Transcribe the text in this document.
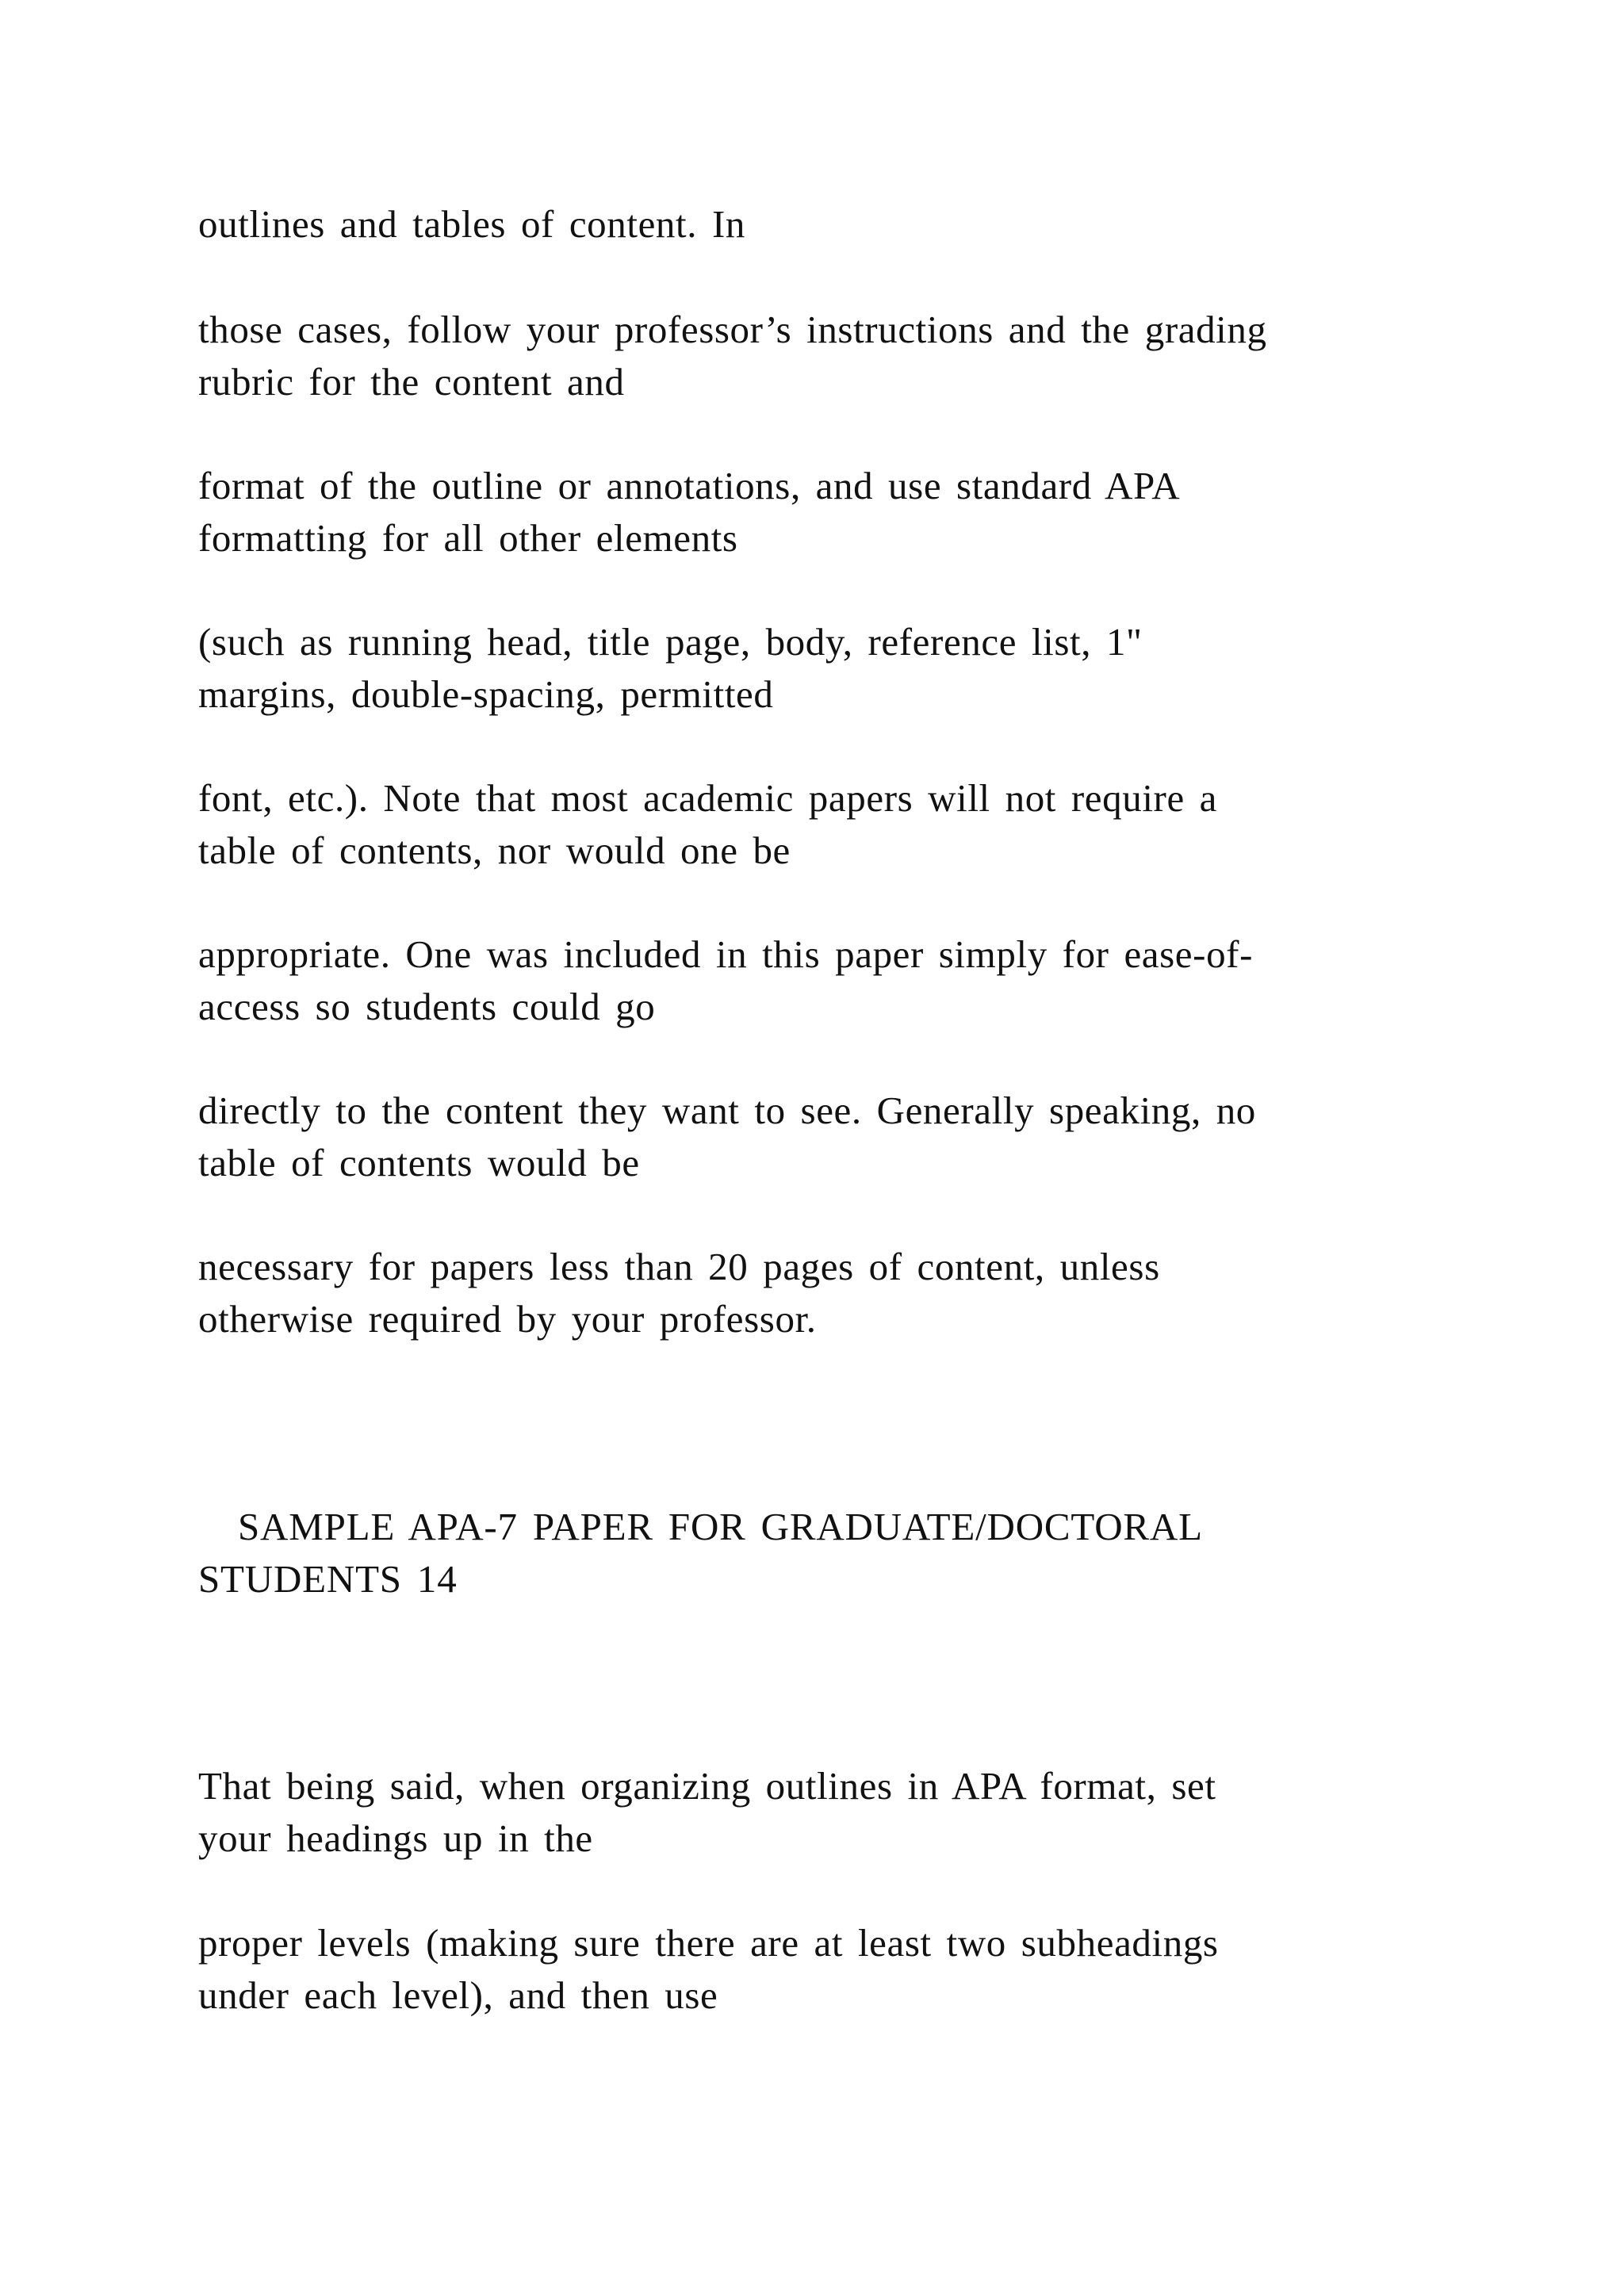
outlines and tables of content. In
those cases, follow your professor’s instructions and the grading
rubric for the content and
format of the outline or annotations, and use standard APA
formatting for all other elements
(such as running head, title page, body, reference list, 1"
margins, double-spacing, permitted
font, etc.). Note that most academic papers will not require a
table of contents, nor would one be
appropriate. One was included in this paper simply for ease-of-
access so students could go
directly to the content they want to see. Generally speaking, no
table of contents would be
necessary for papers less than 20 pages of content, unless
otherwise required by your professor.
SAMPLE APA-7 PAPER FOR GRADUATE/DOCTORAL
STUDENTS 14
That being said, when organizing outlines in APA format, set
your headings up in the
proper levels (making sure there are at least two subheadings
under each level), and then use
